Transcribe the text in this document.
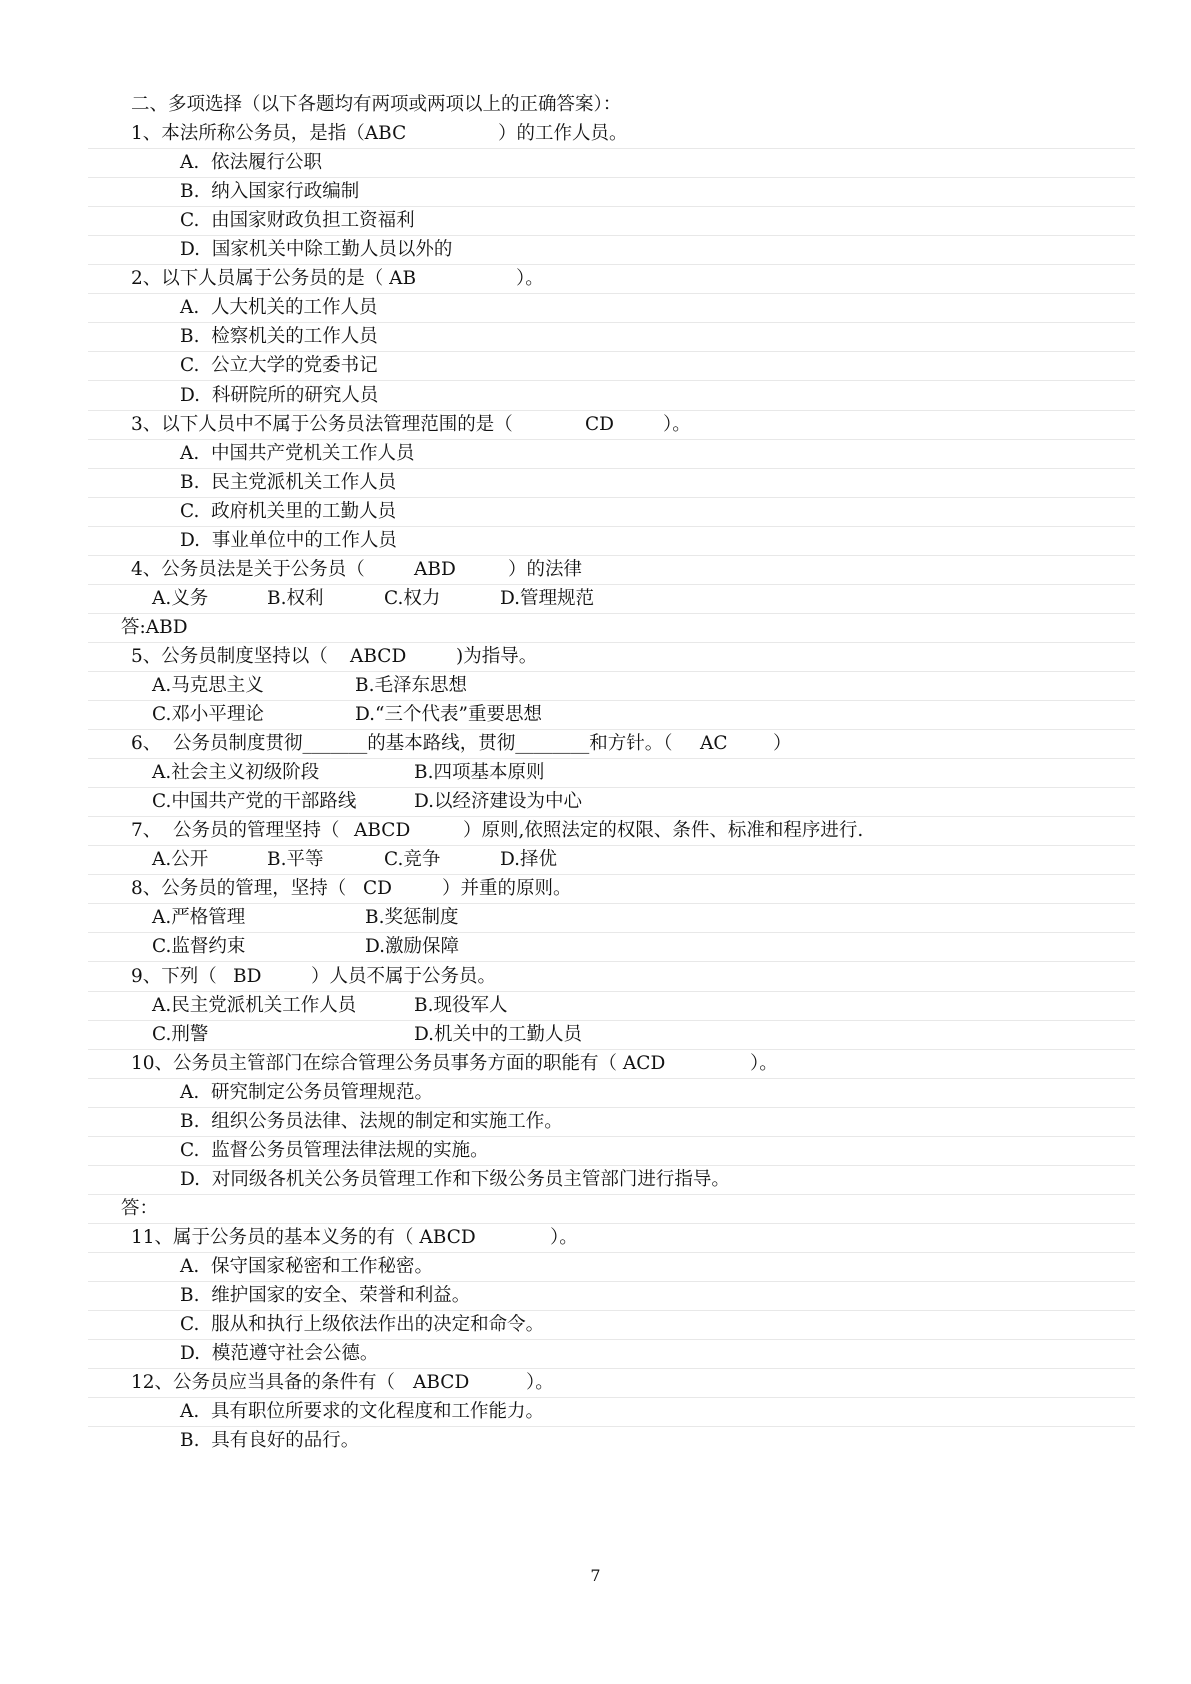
二、多项选择（以下各题均有两项或两项以上的正确答案）：

1、本法所称公务员，是指（ABC	）的工作人员。
A.  依法履行公职
B.  纳入国家行政编制
C.  由国家财政负担工资福利
D.  国家机关中除工勤人员以外的
2、以下人员属于公务员的是（ AB	）。
A.  人大机关的工作人员
B.  检察机关的工作人员
C.  公立大学的党委书记
D.  科研院所的研究人员
3、以下人员中不属于公务员法管理范围的是（	CD	）。
A.  中国共产党机关工作人员
B.  民主党派机关工作人员
C.  政府机关里的工勤人员
D.  事业单位中的工作人员
4、公务员法是关于公务员（	ABD	）的法律
A.义务	B.权利	C.权力	D.管理规范
答:ABD
5、公务员制度坚持以（ ABCD	)为指导。
A.马克思主义	B.毛泽东思想
C.邓小平理论	D.“三个代表”重要思想
6、  公务员制度贯彻_______的基本路线，贯彻________和方针。（ AC ）
A.社会主义初级阶段	B.四项基本原则
C.中国共产党的干部路线	D.以经济建设为中心
7、  公务员的管理坚持（ ABCD	）原则,依照法定的权限、条件、标准和程序进行.
A.公开	B.平等	C.竞争	D.择优
8、公务员的管理，坚持（ CD	）并重的原则。
A.严格管理	B.奖惩制度
C.监督约束	D.激励保障
9、下列（ BD	）人员不属于公务员。
A.民主党派机关工作人员	B.现役军人
C.刑警	D.机关中的工勤人员
10、公务员主管部门在综合管理公务员事务方面的职能有（ ACD	）。
A.  研究制定公务员管理规范。
B.  组织公务员法律、法规的制定和实施工作。
C.  监督公务员管理法律法规的实施。
D.  对同级各机关公务员管理工作和下级公务员主管部门进行指导。
答：
11、属于公务员的基本义务的有（ ABCD	）。
A.  保守国家秘密和工作秘密。
B.  维护国家的安全、荣誉和利益。
C.  服从和执行上级依法作出的决定和命令。
D.  模范遵守社会公德。
12、公务员应当具备的条件有（ ABCD	）。
A.  具有职位所要求的文化程度和工作能力。
B.  具有良好的品行。
7
